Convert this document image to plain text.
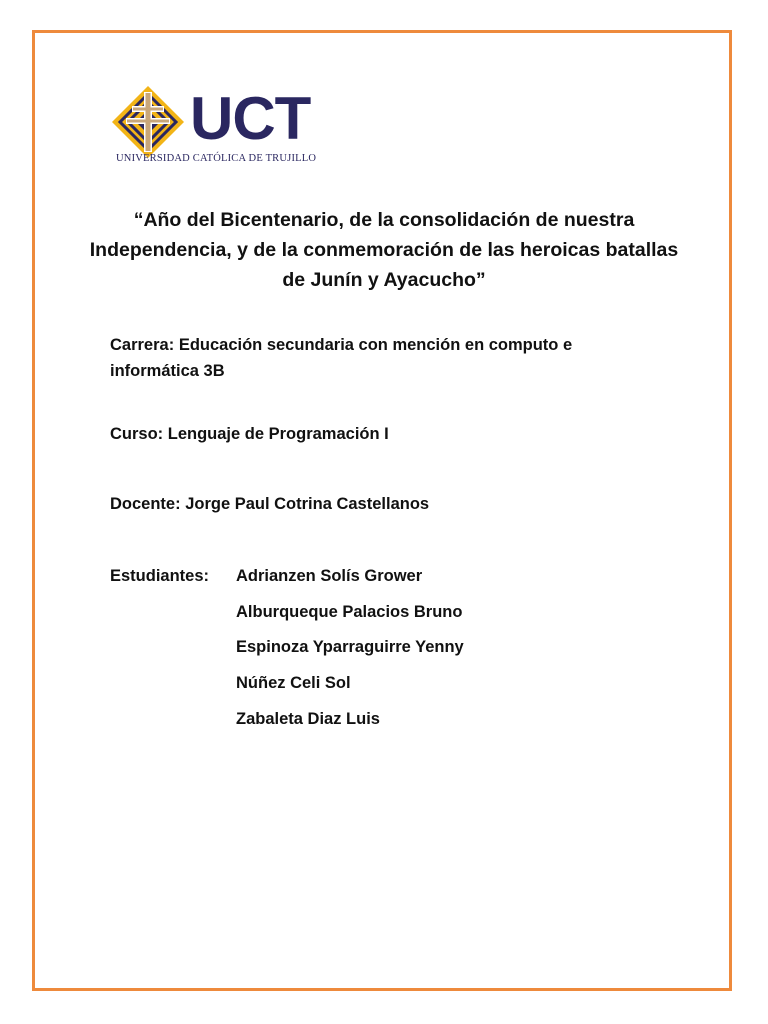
UCT
UNIVERSIDAD CATÓLICA DE TRUJILLO
“Año del Bicentenario, de la consolidación de nuestra Independencia, y de la conmemoración de las heroicas batallas de Junín y Ayacucho”
Carrera: Educación secundaria con mención en computo e informática 3B
Curso: Lenguaje de Programación I
Docente: Jorge Paul Cotrina Castellanos
Estudiantes: Adrianzen Solís Grower
Alburqueque Palacios Bruno
Espinoza Yparraguirre Yenny
Núñez Celi Sol
Zabaleta Diaz Luis
